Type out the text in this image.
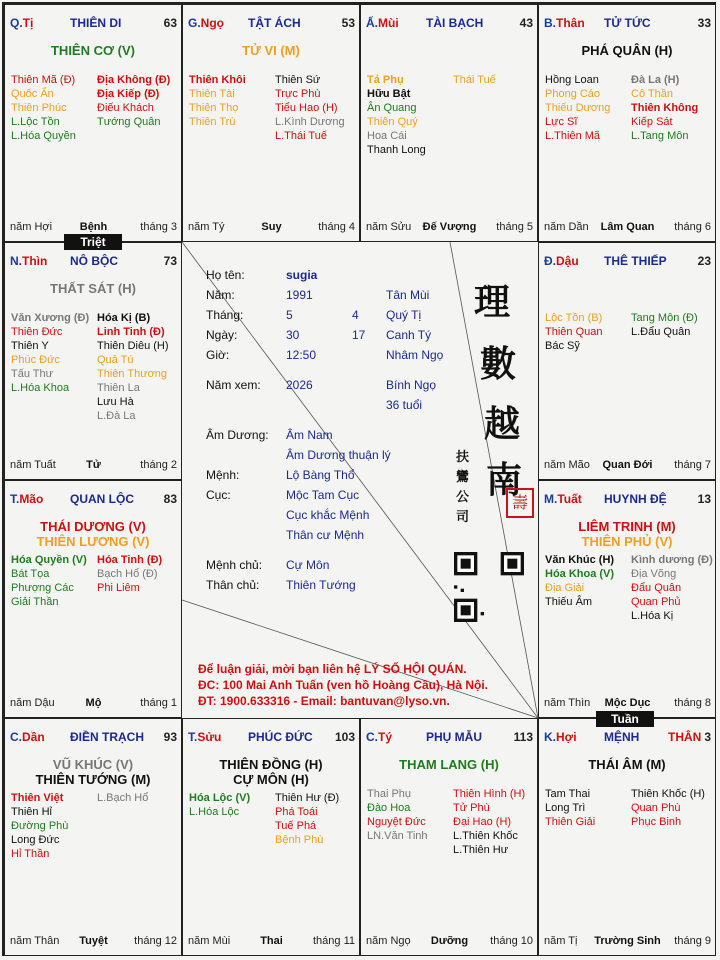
Q.Tị	THIÊN DI	63
THIÊN CƠ (V)
Thiên Mã (Đ)
Quốc Ấn
Thiên Phúc
L.Lộc Tồn
L.Hóa Quyền
Địa Không (Đ)
Địa Kiếp (Đ)
Điếu Khách
Tướng Quân
năm Hợi	Bệnh	tháng 3
G.Ngọ TẬT ÁCH	53
TỬ VI (M)
Thiên Khôi
Thiên Tài
Thiên Thọ
Thiên Trù
Thiên Sứ
Trực Phù
Tiểu Hao (H)
L.Kình Dương
L.Thái Tuế
năm Tý	Suy	tháng 4
Ấ.Mùi TÀI BẠCH	43
Tả Phụ
Hữu Bật
Ân Quang
Thiên Quý
Hoa Cái
Thanh Long
Thái Tuế
năm Sửu	Đế Vượng	tháng 5
B.Thân TỬ TỨC	33
PHÁ QUÂN (H)
Hồng Loan
Phong Cáo
Thiếu Dương
Lực Sĩ
L.Thiên Mã
Đà La (H)
Cô Thần
Thiên Không
Kiếp Sát
L.Tang Môn
năm Dần	Lâm Quan	tháng 6
N.Thìn NÔ BỘC	73
THẤT SÁT (H)
Văn Xương (Đ)
Thiên Đức
Thiên Y
Phúc Đức
Tấu Thư
L.Hóa Khoa
Hóa Kị (B)
Linh Tinh (Đ)
Thiên Diêu (H)
Quả Tú
Thiên Thương
Thiên La
Lưu Hà
L.Đà La
năm Tuất	Tử	tháng 2
Đ.Dậu THÊ THIẾP	23
Lộc Tồn (B)
Thiên Quan
Bác Sỹ
Tang Môn (Đ)
L.Đẩu Quân
năm Mão	Quan Đới	tháng 7
T.Mão QUAN LỘC 83
THÁI DƯƠNG (V)
THIÊN LƯƠNG (V)
Hóa Quyền (V)
Bát Tọa
Phượng Các
Giải Thần
Hóa Tinh (Đ)
Bạch Hổ (Đ)
Phi Liêm
năm Dậu	Mộ	tháng 1
M.Tuất HUYNH ĐỆ	13
LIÊM TRINH (M)
THIÊN PHỦ (V)
Văn Khúc (H)
Hóa Khoa (V)
Địa Giải
Thiếu Âm
Kình dương (Đ)
Địa Võng
Đẩu Quân
Quan Phủ
L.Hóa Kị
năm Thìn	Mộc Dục	tháng 8
C.Dần ĐIỀN TRẠCH 93
VŨ KHÚC (V)
THIÊN TƯỚNG (M)
Thiên Việt
Thiên Hỉ
Đường Phù
Long Đức
Hỉ Thần
L.Bạch Hổ
năm Thân	Tuyệt	tháng 12
T.Sửu PHÚC ĐỨC 103
THIÊN ĐỒNG (H)
CỰ MÔN (H)
Hóa Lộc (V)
L.Hóa Lộc
Thiên Hư (Đ)
Phá Toái
Tuế Phá
Bệnh Phù
năm Mùi	Thai	tháng 11
C.Tý	PHỤ MẪU	113
THAM LANG (H)
Thai Phụ
Đào Hoa
Nguyệt Đức
LN.Văn Tinh
Thiên Hình (H)
Tử Phù
Đại Hao (H)
L.Thiên Khốc
L.Thiên Hư
năm Ngọ	Dưỡng	tháng 10
K.Hợi MỆNH THÂN 3
THÁI ÂM (M)
Tam Thai
Long Trì
Thiên Giải
Thiên Khốc (H)
Quan Phù
Phục Binh
năm Tị	Trường Sinh	tháng 9
Triệt
Tuần
Họ tên:	sugia
Năm:	1991	Tân Mùi
Tháng:	5	4 Quý Tị
Ngày:	30	17 Canh Tý
Giờ:	12:50	Nhâm Ngọ
Năm xem: 2026	Bính Ngọ
36 tuổi
Âm Dương: Âm Nam
Âm Dương thuận lý
Mệnh:	Lộ Bàng Thổ
Cục:	Mộc Tam Cục
Cục khắc Mệnh
Thân cư Mệnh
Mệnh chủ: Cự Môn
Thân chủ: Thiên Tướng
理
數
越
南
扶 鸞 公 司
壽
Để luận giải, mời bạn liên hệ LÝ SỐ HỘI QUÁN.
ĐC: 100 Mai Anh Tuấn (ven hồ Hoàng Cầu), Hà Nội.
ĐT: 1900.633316 - Email: bantuvan@lyso.vn.
